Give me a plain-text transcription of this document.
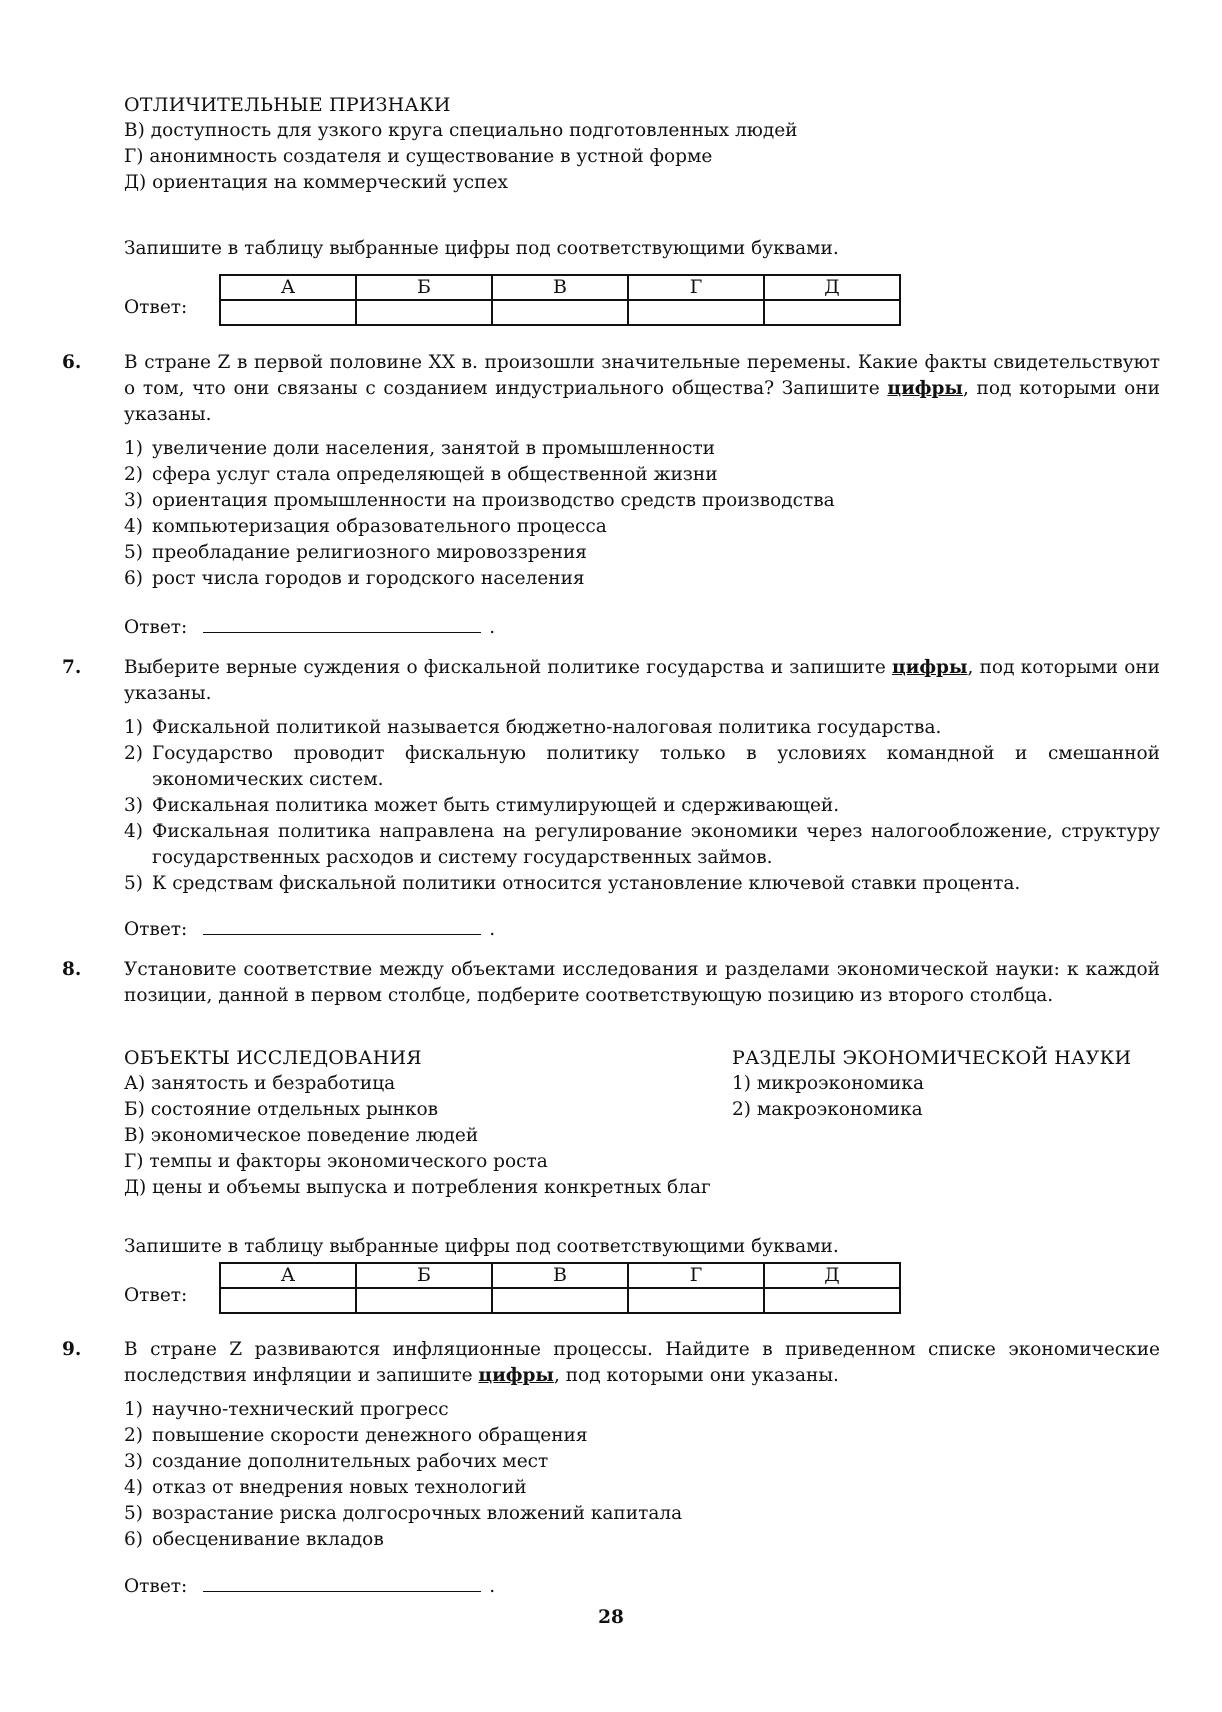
ОТЛИЧИТЕЛЬНЫЕ ПРИЗНАКИ
В) доступность для узкого круга специально подготовленных людей
Г) анонимность создателя и существование в устной форме
Д) ориентация на коммерческий успех
Запишите в таблицу выбранные цифры под соответствующими буквами.
Ответ:
А	Б	В	Г	Д

6. В стране Z в первой половине XX в. произошли значительные перемены. Какие факты свидетельствуют о том, что они связаны с созданием индустриального общества? Запишите цифры, под которыми они указаны.
1) увеличение доли населения, занятой в промышленности
2) сфера услуг стала определяющей в общественной жизни
3) ориентация промышленности на производство средств производства
4) компьютеризация образовательного процесса
5) преобладание религиозного мировоззрения
6) рост числа городов и городского населения
Ответ:	.
7. Выберите верные суждения о фискальной политике государства и запишите цифры, под которыми они указаны.
1) Фискальной политикой называется бюджетно-налоговая политика государства.
2) Государство проводит фискальную политику только в условиях командной и смешанной экономических систем.
3) Фискальная политика может быть стимулирующей и сдерживающей.
4) Фискальная политика направлена на регулирование экономики через налогообложение, структуру государственных расходов и систему государственных займов.
5) К средствам фискальной политики относится установление ключевой ставки процента.
Ответ:	.
8. Установите соответствие между объектами исследования и разделами экономической науки: к каждой позиции, данной в первом столбце, подберите соответствующую позицию из второго столбца.
ОБЪЕКТЫ ИССЛЕДОВАНИЯ
А) занятость и безработица
Б) состояние отдельных рынков
В) экономическое поведение людей
Г) темпы и факторы экономического роста
Д) цены и объемы выпуска и потребления конкретных благ
РАЗДЕЛЫ ЭКОНОМИЧЕСКОЙ НАУКИ
1) микроэкономика
2) макроэкономика
Запишите в таблицу выбранные цифры под соответствующими буквами.
Ответ:
А	Б	В	Г	Д

9. В стране Z развиваются инфляционные процессы. Найдите в приведенном списке экономические последствия инфляции и запишите цифры, под которыми они указаны.
1) научно-технический прогресс
2) повышение скорости денежного обращения
3) создание дополнительных рабочих мест
4) отказ от внедрения новых технологий
5) возрастание риска долгосрочных вложений капитала
6) обесценивание вкладов
Ответ:	.
28
